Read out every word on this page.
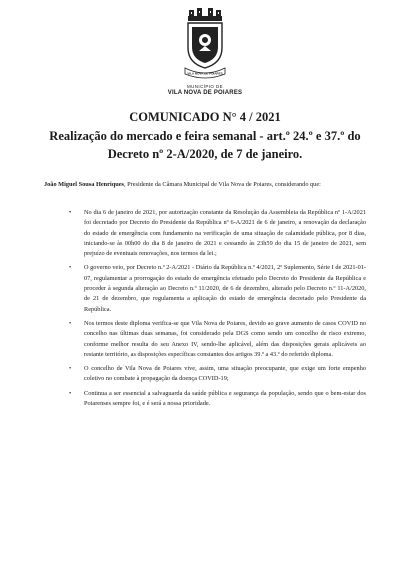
VILA NOVA DE POIARES
MUNICÍPIO DE
VILA NOVA DE POIARES
COMUNICADO N° 4 / 2021
Realização do mercado e feira semanal - art.º 24.º e 37.º do Decreto nº 2-A/2020, de 7 de janeiro.
João Miguel Sousa Henriques, Presidente da Câmara Municipal de Vila Nova de Poiares, considerando que:
• No dia 6 de janeiro de 2021, por autorização constante da Resolução da Assembleia da República nº 1-A/2021 foi decretado por Decreto do Presidente da República nº 6-A/2021 de 6 de janeiro, a renovação da declaração do estado de emergência com fundamento na verificação de uma situação de calamidade pública, por 8 dias, iniciando-se às 00h00 do dia 8 de janeiro de 2021 e cessando às 23h59 do dia 15 de janeiro de 2021, sem prejuízo de eventuais renovações, nos termos da lei.;
• O governo veio, por Decreto n.º 2-A/2021 - Diário da República n.º 4/2021, 2º Suplemento, Série I de 2021-01-07, regulamentar a prorrogação do estado de emergência efetuado pelo Decreto do Presidente da República e proceder à segunda alteração ao Decreto n.º 11/2020, de 6 de dezembro, alterado pelo Decreto n.º 11-A/2020, de 21 de dezembro, que regulamenta a aplicação do estado de emergência decretado pelo Presidente da República.
• Nos termos deste diploma verifica-se que Vila Nova de Poiares, devido ao grave aumento de casos COVID no concelho nas últimas duas semanas, foi considerado pela DGS como sendo um concelho de risco extremo, conforme melhor resulta do seu Anexo IV, sendo-lhe aplicável, além das disposições gerais aplicáveis ao restante território, as disposições específicas constantes dos artigos 39.º a 43.º do referido diploma.
• O concelho de Vila Nova de Poiares vive, assim, uma situação preocupante, que exige um forte empenho coletivo no combate à propagação da doença COVID-19;
• Continua a ser essencial a salvaguarda da saúde pública e segurança da população, sendo que o bem-estar dos Poiarenses sempre foi, e é será a nossa prioridade.
